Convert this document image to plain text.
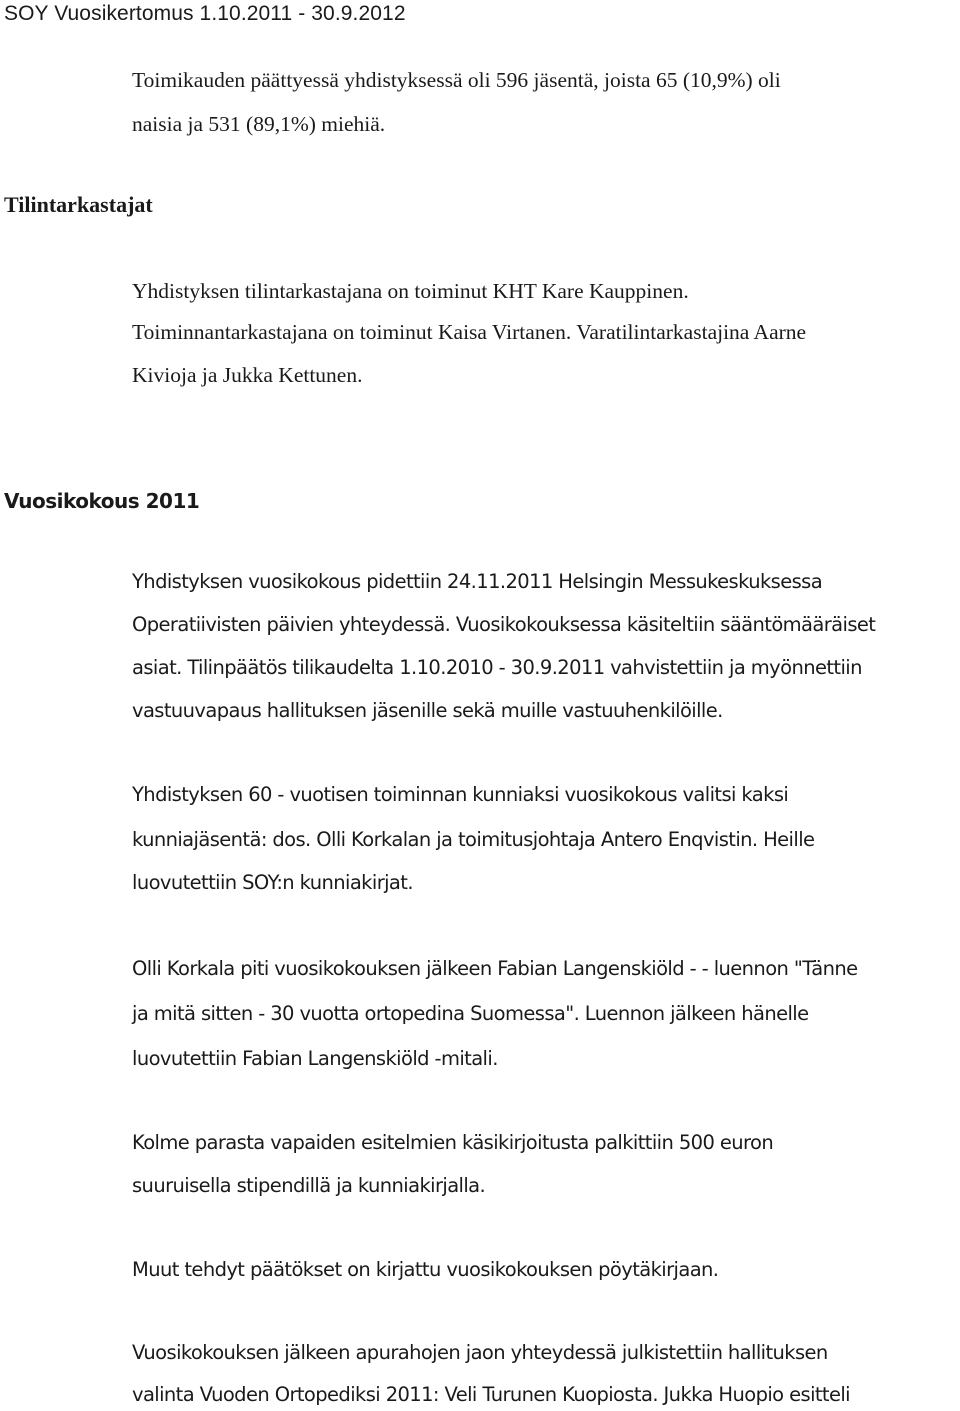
SOY Vuosikertomus 1.10.2011 - 30.9.2012
Toimikauden päättyessä yhdistyksessä oli 596 jäsentä, joista 65 (10,9%) oli
naisia ja 531 (89,1%) miehiä.
Tilintarkastajat
Yhdistyksen tilintarkastajana on toiminut KHT Kare Kauppinen.
Toiminnantarkastajana on toiminut Kaisa Virtanen. Varatilintarkastajina Aarne
Kivioja ja Jukka Kettunen.
Vuosikokous 2011
Yhdistyksen vuosikokous pidettiin 24.11.2011 Helsingin Messukeskuksessa
Operatiivisten päivien yhteydessä. Vuosikokouksessa käsiteltiin sääntömääräiset
asiat. Tilinpäätös tilikaudelta 1.10.2010 - 30.9.2011 vahvistettiin ja myönnettiin
vastuuvapaus hallituksen jäsenille sekä muille vastuuhenkilöille.
Yhdistyksen 60 ‐ vuotisen toiminnan kunniaksi vuosikokous valitsi kaksi
kunniajäsentä: dos. Olli Korkalan ja toimitusjohtaja Antero Enqvistin. Heille
luovutettiin SOY:n kunniakirjat.
Olli Korkala piti vuosikokouksen jälkeen Fabian Langenskiöld - ‐ luennon "Tänne
ja mitä sitten ‐ 30 vuotta ortopedina Suomessa". Luennon jälkeen hänelle
luovutettiin Fabian Langenskiöld -mitali.
Kolme parasta vapaiden esitelmien käsikirjoitusta palkittiin 500 euron
suuruisella stipendillä ja kunniakirjalla.
Muut tehdyt päätökset on kirjattu vuosikokouksen pöytäkirjaan.
Vuosikokouksen jälkeen apurahojen jaon yhteydessä julkistettiin hallituksen
valinta Vuoden Ortopediksi 2011: Veli Turunen Kuopiosta. Jukka Huopio esitteli
